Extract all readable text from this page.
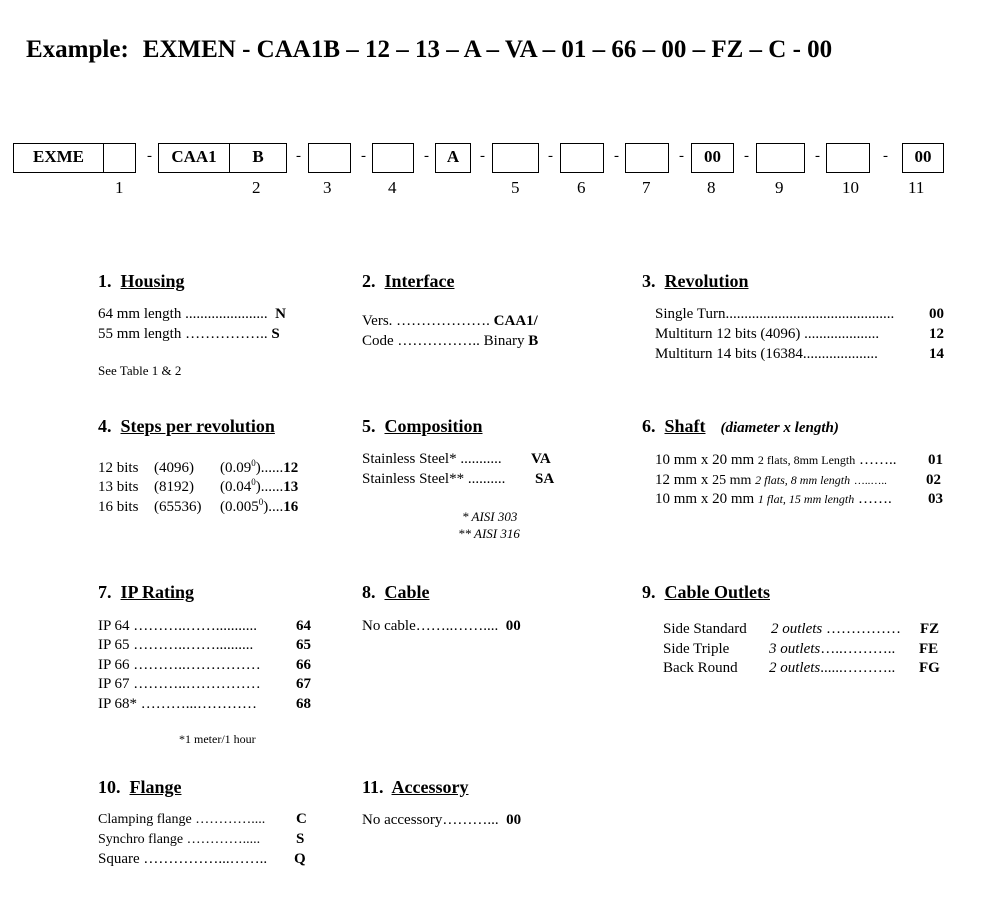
Example: EXMEN - CAA1B – 12 – 13 – A – VA – 01 – 66 – 00 – FZ – C - 00
EXME	-	CAA1	B	-	-	-	A	-	-	-	-	00	-	-	-	00
1	2	3	4	5	6	7	8	9	10	11
1. Housing
64 mm length ...................... N
55 mm length …………….. S
See Table 1 & 2
2. Interface
Vers. ………………. CAA1/
Code …………….. Binary B
3. Revolution
Single Turn............................................. 00
Multiturn 12 bits (4096) ....................	12
Multiturn 14 bits (16384....................	14
4. Steps per revolution
12 bits (4096) (0.09$^0$)......12
13 bits (8192) (0.04$^0$)......13
16 bits (65536) (0.005$^0$)....16
5. Composition
Stainless Steel* ........... VA
Stainless Steel** .......... SA
* AISI 303
** AISI 316
6. Shaft (diameter x length)
10 mm x 20 mm 2 flats, 8mm Length …….. 01
12 mm x 25 mm 2 flats, 8 mm length …..…..	02
10 mm x 20 mm 1 flat, 15 mm length ……. 03
7. IP Rating
IP 64 ………..……...........	64
IP 65 ………..……..........	65
IP 66 ………..…………… 66
IP 67 ………..…………… 67
IP 68* ………...…………	68
*1 meter/1 hour
8. Cable
No cable……..…….... 00
9. Cable Outlets
Side Standard 2 outlets …………… FZ
Side Triple	3 outlets…..……….. FE
Back Round 2 outlets......……….. FG
10. Flange
Clamping flange ………….... C
Synchro flange …………..... S
Square ……………...…….. Q
11. Accessory
No accessory………... 00
